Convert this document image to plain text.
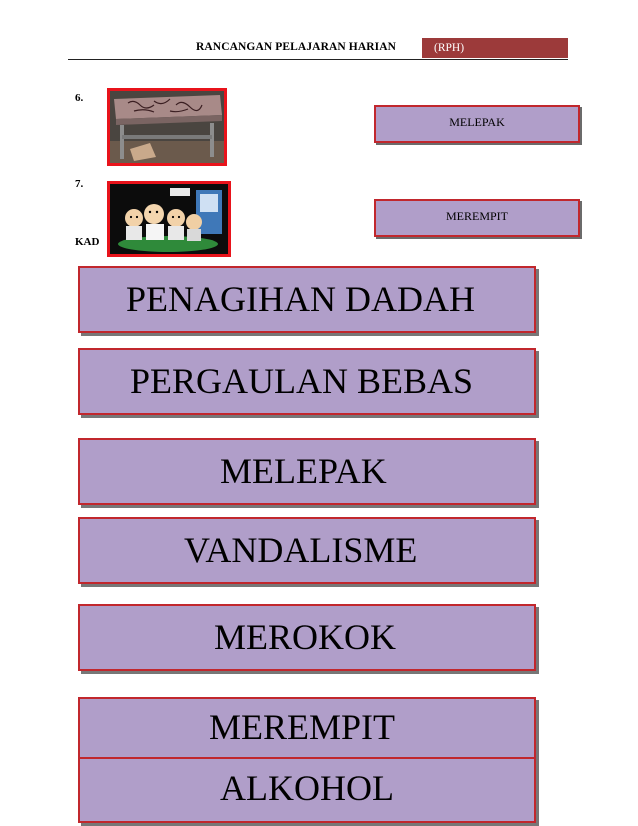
RANCANGAN PELAJARAN HARIAN	(RPH)
6.
MELEPAK
7.
MEREMPIT
KAD
PENAGIHAN DADAH
PERGAULAN BEBAS
MELEPAK
VANDALISME
MEROKOK
MEREMPIT
ALKOHOL
